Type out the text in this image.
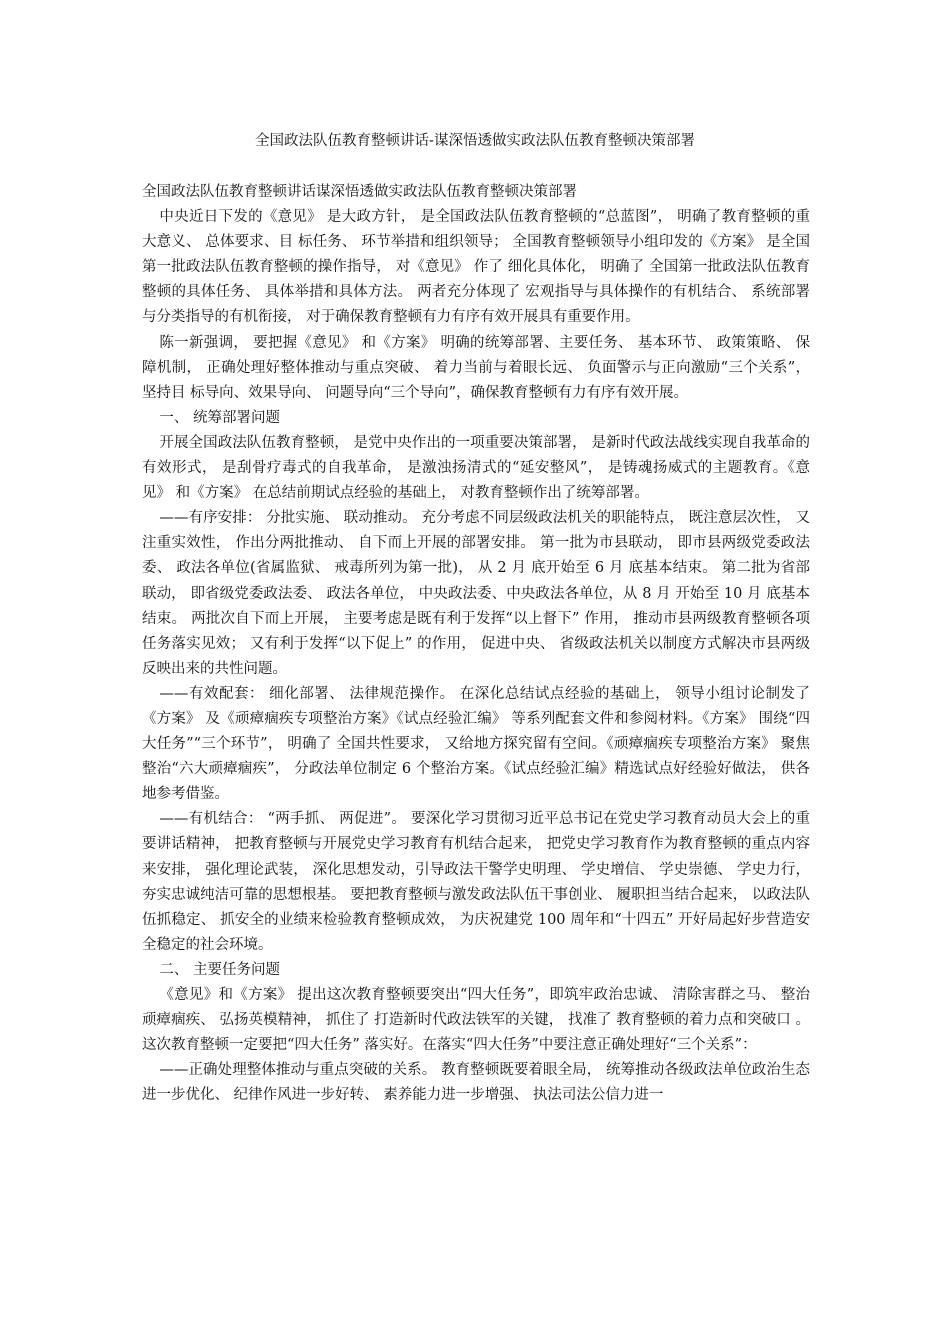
全国政法队伍教育整顿讲话-谋深悟透做实政法队伍教育整顿决策部署

全国政法队伍教育整顿讲话谋深悟透做实政法队伍教育整顿决策部署

中央近日下发的《意见》 是大政方针， 是全国政法队伍教育整顿的“总蓝图”， 明确了教育整顿的重大意义、 总体要求、目 标任务、 环节举措和组织领导； 全国教育整顿领导小组印发的《方案》 是全国第一批政法队伍教育整顿的操作指导， 对《意见》 作了 细化具体化， 明确了 全国第一批政法队伍教育整顿的具体任务、 具体举措和具体方法。 两者充分体现了 宏观指导与具体操作的有机结合、 系统部署与分类指导的有机衔接， 对于确保教育整顿有力有序有效开展具有重要作用。

陈一新强调， 要把握《意见》 和《方案》 明确的统筹部署、主要任务、 基本环节、 政策策略、 保障机制， 正确处理好整体推动与重点突破、 着力当前与着眼长远、 负面警示与正向激励“三个关系”， 坚持目 标导向、效果导向、 问题导向“三个导向”，确保教育整顿有力有序有效开展。

一、 统筹部署问题

开展全国政法队伍教育整顿， 是党中央作出的一项重要决策部署， 是新时代政法战线实现自我革命的有效形式， 是刮骨疗毒式的自我革命， 是激浊扬清式的“延安整风”， 是铸魂扬威式的主题教育。《意见》 和《方案》 在总结前期试点经验的基础上， 对教育整顿作出了统筹部署。

——有序安排： 分批实施、 联动推动。 充分考虑不同层级政法机关的职能特点， 既注意层次性， 又注重实效性， 作出分两批推动、 自下而上开展的部署安排。 第一批为市县联动， 即市县两级党委政法委、 政法各单位(省属监狱、 戒毒所列为第一批)， 从 2 月 底开始至 6 月 底基本结束。 第二批为省部联动， 即省级党委政法委、 政法各单位， 中央政法委、中央政法各单位，从 8 月 开始至 10 月 底基本结束。 两批次自下而上开展， 主要考虑是既有利于发挥“以上督下” 作用， 推动市县两级教育整顿各项任务落实见效； 又有利于发挥“以下促上” 的作用， 促进中央、 省级政法机关以制度方式解决市县两级反映出来的共性问题。

——有效配套： 细化部署、 法律规范操作。 在深化总结试点经验的基础上， 领导小组讨论制发了 《方案》 及《顽瘴痼疾专项整治方案》《试点经验汇编》 等系列配套文件和参阅材料。《方案》 围绕“四大任务”“三个环节”， 明确了 全国共性要求， 又给地方探究留有空间。《顽瘴痼疾专项整治方案》 聚焦整治“六大顽瘴痼疾”， 分政法单位制定 6 个整治方案。《试点经验汇编》精选试点好经验好做法， 供各地参考借鉴。

——有机结合： “两手抓、 两促进”。 要深化学习贯彻习近平总书记在党史学习教育动员大会上的重要讲话精神， 把教育整顿与开展党史学习教育有机结合起来， 把党史学习教育作为教育整顿的重点内容来安排， 强化理论武装， 深化思想发动，引导政法干警学史明理、 学史增信、 学史崇德、 学史力行， 夯实忠诚纯洁可靠的思想根基。 要把教育整顿与激发政法队伍干事创业、 履职担当结合起来， 以政法队伍抓稳定、 抓安全的业绩来检验教育整顿成效， 为庆祝建党 100 周年和“十四五” 开好局起好步营造安全稳定的社会环境。

二、 主要任务问题

《意见》和《方案》 提出这次教育整顿要突出“四大任务”，即筑牢政治忠诚、 清除害群之马、 整治顽瘴痼疾、 弘扬英模精神， 抓住了 打造新时代政法铁军的关键， 找准了 教育整顿的着力点和突破口 。 这次教育整顿一定要把“四大任务” 落实好。在落实“四大任务”中要注意正确处理好“三个关系”：

——正确处理整体推动与重点突破的关系。 教育整顿既要着眼全局， 统筹推动各级政法单位政治生态进一步优化、 纪律作风进一步好转、 素养能力进一步增强、 执法司法公信力进一
